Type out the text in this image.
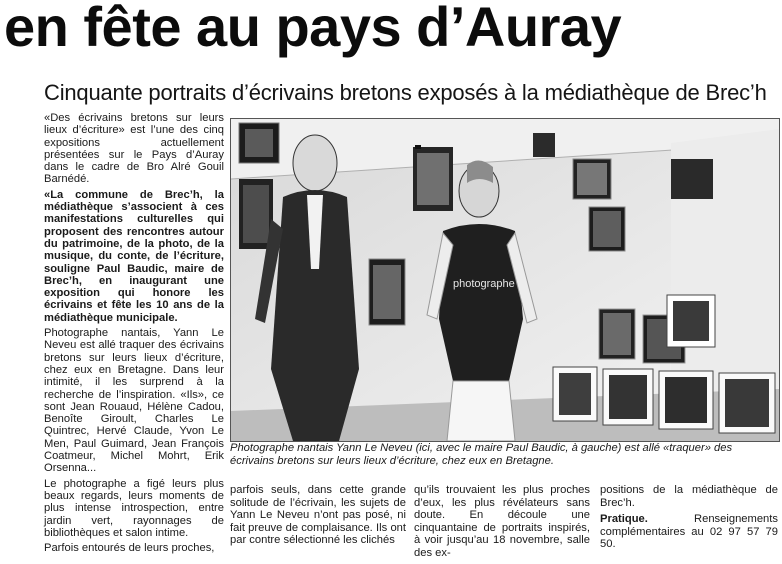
en fête au pays d’Auray
Cinquante portraits d’écrivains bretons exposés à la médiathèque de Brec’h

«Des écrivains bretons sur leurs lieux d’écriture» est l’une des cinq expositions actuellement présentées sur le Pays d’Auray dans le cadre de Bro Alré Gouil Barnédé.

«La commune de Brec’h, la médiathèque s’associent à ces manifestations culturelles qui proposent des rencontres autour du patrimoine, de la photo, de la musique, du conte, de l’écriture, souligne Paul Baudic, maire de Brec’h, en inaugurant une exposition qui honore les écrivains et fête les 10 ans de la médiathèque municipale.

Photographe nantais, Yann Le Neveu est allé traquer des écrivains bretons sur leurs lieux d’écriture, chez eux en Bretagne. Dans leur intimité, il les surprend à la recherche de l’inspiration. «Ils», ce sont Jean Rouaud, Hélène Cadou, Benoîte Giroult, Charles Le Quintrec, Hervé Claude, Yvon Le Men, Paul Guimard, Jean François Coatmeur, Michel Mohrt, Erik Orsenna...

Le photographe a figé leurs plus beaux regards, leurs moments de plus intense introspection, entre jardin vert, rayonnages de bibliothèques et salon intime.

Parfois entourés de leurs proches,

photographe
Photographe nantais Yann Le Neveu (ici, avec le maire Paul Baudic, à gauche) est allé «traquer» des écrivains bretons sur leurs lieux d’écriture, chez eux en Bretagne.

parfois seuls, dans cette grande solitude de l’écrivain, les sujets de Yann Le Neveu n’ont pas posé, ni fait preuve de complaisance. Ils ont par contre sélectionné les clichés

qu’ils trouvaient les plus proches d’eux, les plus révélateurs sans doute. En découle une cinquantaine de portraits inspirés, à voir jusqu’au 18 novembre, salle des ex-

positions de la médiathèque de Brec’h.

Pratique. Renseignements complémentaires au 02 97 57 79 50.
